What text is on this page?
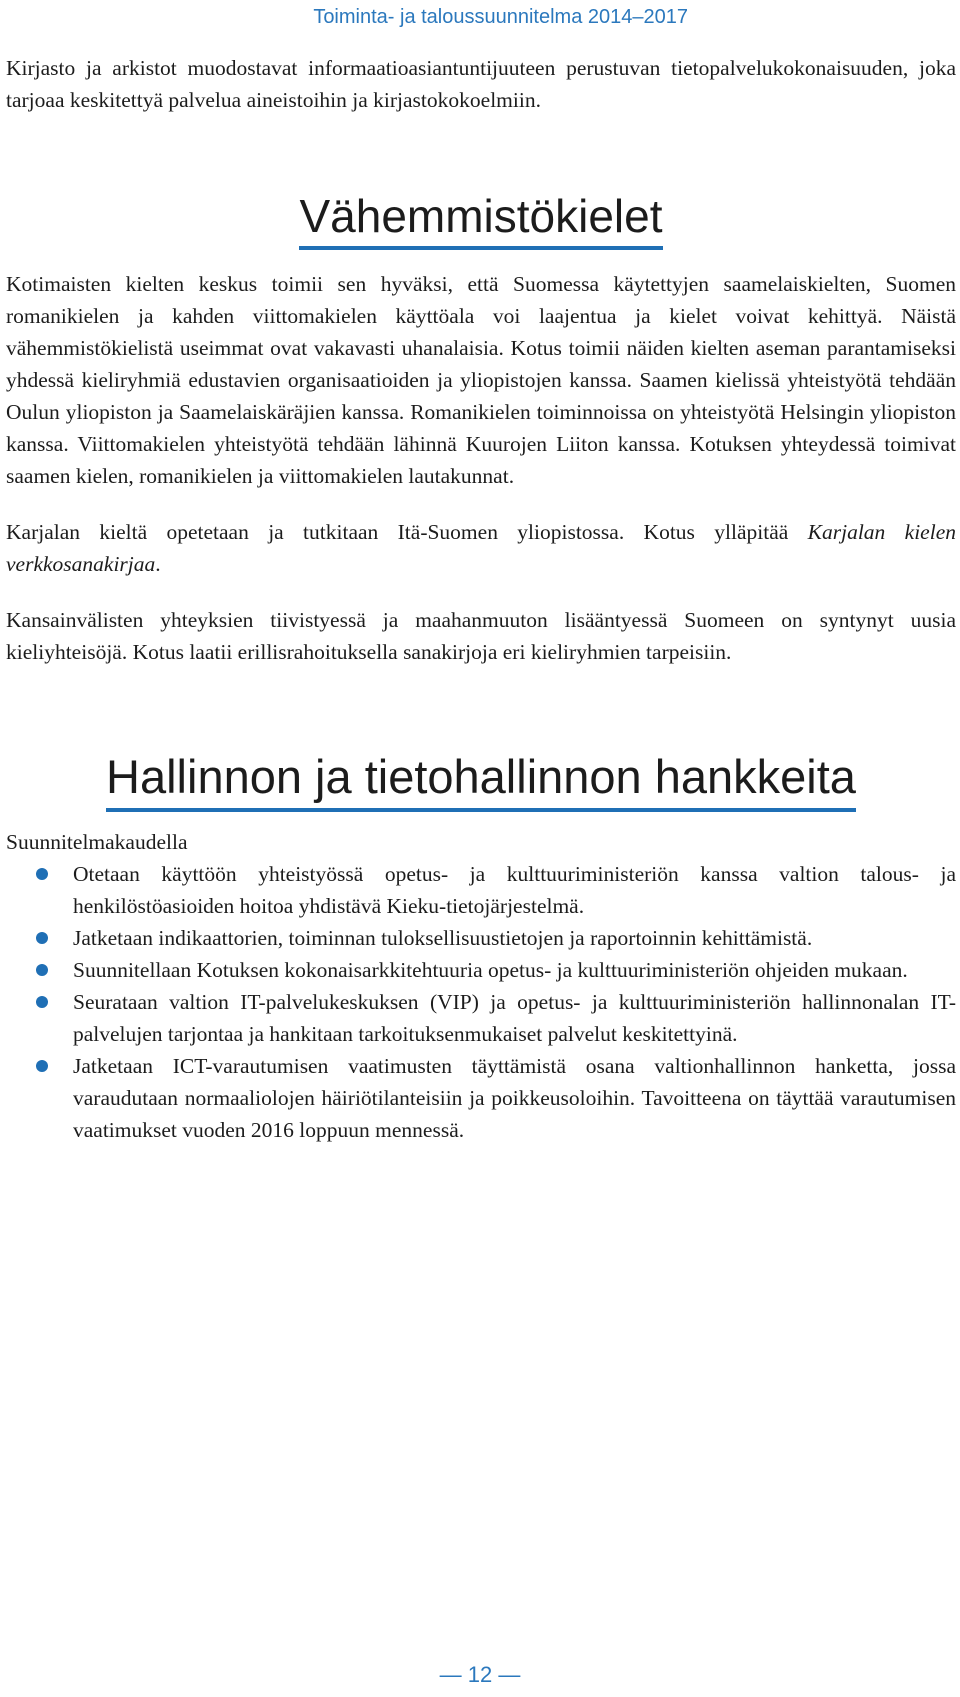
Toiminta- ja taloussuunnitelma 2014–2017

Kirjasto ja arkistot muodostavat informaatioasiantuntijuuteen perustuvan tietopalvelukokonaisuuden, joka tarjoaa keskitettyä palvelua aineistoihin ja kirjastokokoelmiin.

Vähemmistökielet

Kotimaisten kielten keskus toimii sen hyväksi, että Suomessa käytettyjen saamelaiskielten, Suomen romanikielen ja kahden viittomakielen käyttöala voi laajentua ja kielet voivat kehittyä. Näistä vähemmistökielistä useimmat ovat vakavasti uhanalaisia. Kotus toimii näiden kielten aseman parantamiseksi yhdessä kieliryhmiä edustavien organisaatioiden ja yliopistojen kanssa. Saamen kielissä yhteistyötä tehdään Oulun yliopiston ja Saamelaiskäräjien kanssa. Romanikielen toiminnoissa on yhteistyötä Helsingin yliopiston kanssa. Viittomakielen yhteistyötä tehdään lähinnä Kuurojen Liiton kanssa. Kotuksen yhteydessä toimivat saamen kielen, romanikielen ja viittomakielen lautakunnat.

Karjalan kieltä opetetaan ja tutkitaan Itä-Suomen yliopistossa. Kotus ylläpitää Karjalan kielen verkkosanakirjaa.

Kansainvälisten yhteyksien tiivistyessä ja maahanmuuton lisääntyessä Suomeen on syntynyt uusia kieliyhteisöjä. Kotus laatii erillisrahoituksella sanakirjoja eri kieliryhmien tarpeisiin.

Hallinnon ja tietohallinnon hankkeita

Suunnitelmakaudella

Otetaan käyttöön yhteistyössä opetus- ja kulttuuriministeriön kanssa valtion talous- ja henkilöstöasioiden hoitoa yhdistävä Kieku-tietojärjestelmä.
Jatketaan indikaattorien, toiminnan tuloksellisuustietojen ja raportoinnin kehittämistä.
Suunnitellaan Kotuksen kokonaisarkkitehtuuria opetus- ja kulttuuriministeriön ohjeiden mukaan.
Seurataan valtion IT-palvelukeskuksen (VIP) ja opetus- ja kulttuuriministeriön hallinnonalan IT-palvelujen tarjontaa ja hankitaan tarkoituksenmukaiset palvelut keskitettyinä.
Jatketaan ICT-varautumisen vaatimusten täyttämistä osana valtionhallinnon hanketta, jossa varaudutaan normaaliolojen häiriötilanteisiin ja poikkeusoloihin. Tavoitteena on täyttää varautumisen vaatimukset vuoden 2016 loppuun mennessä.
— 12 —
